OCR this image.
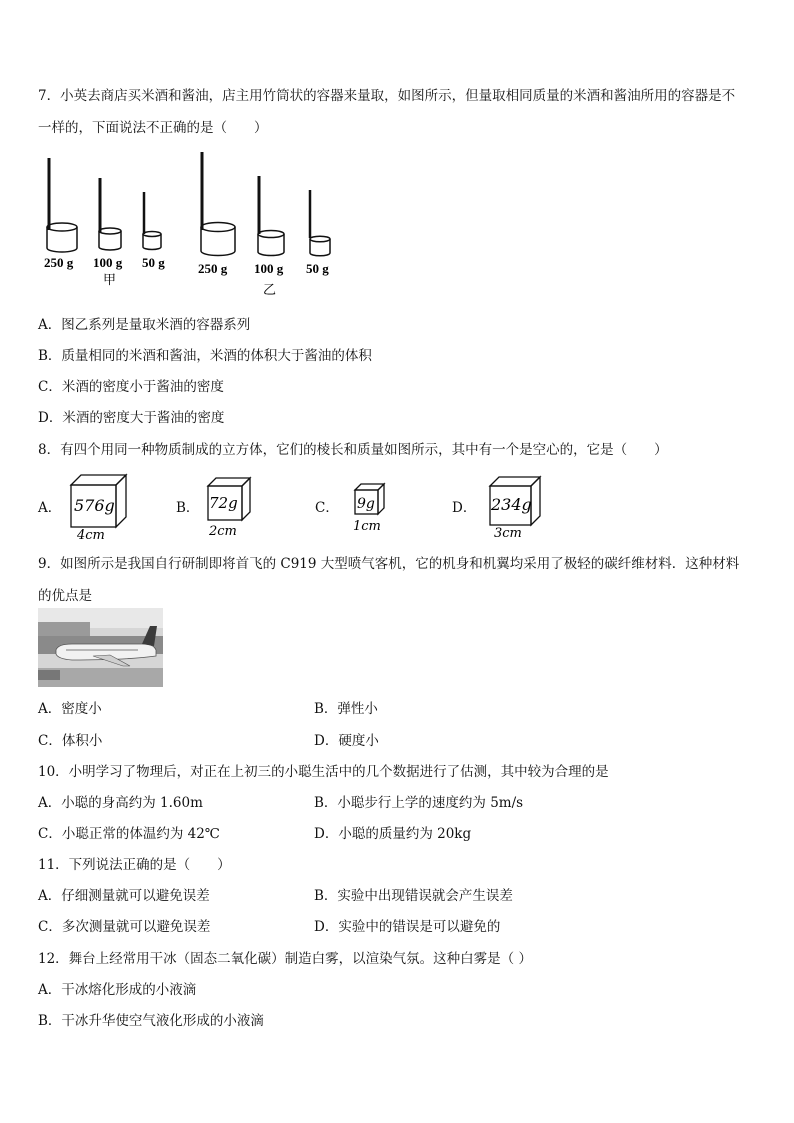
7．小英去商店买米酒和酱油，店主用竹筒状的容器来量取，如图所示，但量取相同质量的米酒和酱油所用的容器是不
一样的，下面说法不正确的是（　　）
250 g 100 g 50 g
甲
250 g 100 g 50 g
乙
A．图乙系列是量取米酒的容器系列
B．质量相同的米酒和酱油，米酒的体积大于酱油的体积
C．米酒的密度小于酱油的密度
D．米酒的密度大于酱油的密度
8．有四个用同一种物质制成的立方体，它们的棱长和质量如图所示，其中有一个是空心的，它是（　　）
A． 576g
4cm
B． 72g
2cm
C． 9g
1cm
D． 234g
3cm
9．如图所示是我国自行研制即将首飞的 C919 大型喷气客机，它的机身和机翼均采用了极轻的碳纤维材料．这种材料
的优点是
A．密度小	B．弹性小
C．体积小	D．硬度小
10．小明学习了物理后，对正在上初三的小聪生活中的几个数据进行了估测，其中较为合理的是
A．小聪的身高约为 1.60m	B．小聪步行上学的速度约为 5m/s
C．小聪正常的体温约为 42℃	D．小聪的质量约为 20kg
11．下列说法正确的是（　　）
A．仔细测量就可以避免误差	B．实验中出现错误就会产生误差
C．多次测量就可以避免误差	D．实验中的错误是可以避免的
12．舞台上经常用干冰（固态二氧化碳）制造白雾，以渲染气氛。这种白雾是（ ）
A．干冰熔化形成的小液滴
B．干冰升华使空气液化形成的小液滴
